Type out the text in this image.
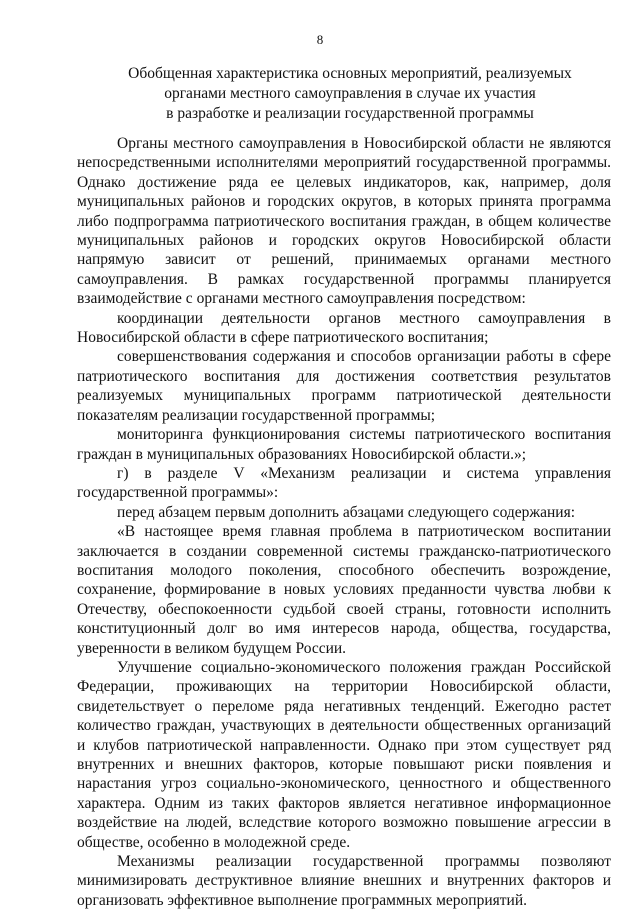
8
Обобщенная характеристика основных мероприятий, реализуемых
органами местного самоуправления в случае их участия
в разработке и реализации государственной программы

Органы местного самоуправления в Новосибирской области не являются непосредственными исполнителями мероприятий государственной программы. Однако достижение ряда ее целевых индикаторов, как, например, доля муниципальных районов и городских округов, в которых принята программа либо подпрограмма патриотического воспитания граждан, в общем количестве муниципальных районов и городских округов Новосибирской области напрямую зависит от решений, принимаемых органами местного самоуправления. В рамках государственной программы планируется взаимодействие с органами местного самоуправления посредством:

координации деятельности органов местного самоуправления в Новосибирской области в сфере патриотического воспитания;

совершенствования содержания и способов организации работы в сфере патриотического воспитания для достижения соответствия результатов реализуемых муниципальных программ патриотической деятельности показателям реализации государственной программы;

мониторинга функционирования системы патриотического воспитания граждан в муниципальных образованиях Новосибирской области.»;

г) в разделе V «Механизм реализации и система управления государственной программы»:

перед абзацем первым дополнить абзацами следующего содержания:

«В настоящее время главная проблема в патриотическом воспитании заключается в создании современной системы гражданско-патриотического воспитания молодого поколения, способного обеспечить возрождение, сохранение, формирование в новых условиях преданности чувства любви к Отечеству, обеспокоенности судьбой своей страны, готовности исполнить конституционный долг во имя интересов народа, общества, государства, уверенности в великом будущем России.

Улучшение социально-экономического положения граждан Российской Федерации, проживающих на территории Новосибирской области, свидетельствует о переломе ряда негативных тенденций. Ежегодно растет количество граждан, участвующих в деятельности общественных организаций и клубов патриотической направленности. Однако при этом существует ряд внутренних и внешних факторов, которые повышают риски появления и нарастания угроз социально-экономического, ценностного и общественного характера. Одним из таких факторов является негативное информационное воздействие на людей, вследствие которого возможно повышение агрессии в обществе, особенно в молодежной среде.

Механизмы реализации государственной программы позволяют минимизировать деструктивное влияние внешних и внутренних факторов и организовать эффективное выполнение программных мероприятий.
